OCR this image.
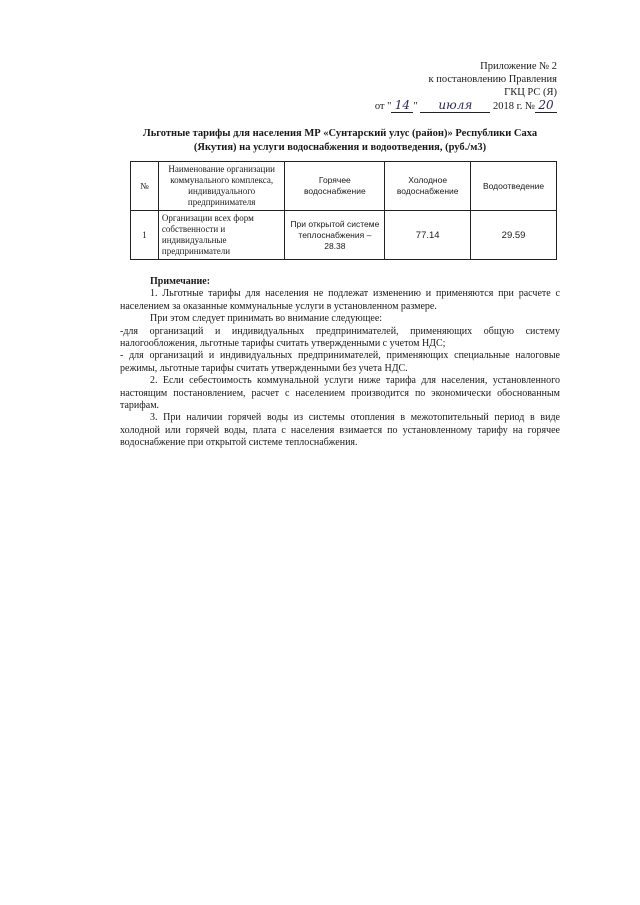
Приложение № 2
к постановлению Правления
ГКЦ РС (Я)
от " 14 " июля 2018 г. № 20
Льготные тарифы для населения МР «Сунтарский улус (район)» Республики Саха (Якутия) на услуги водоснабжения и водоотведения, (руб./м3)
№	Наименование организации коммунального комплекса, индивидуального предпринимателя	Горячее водоснабжение	Холодное водоснабжение	Водоотведение
1	Организации всех форм собственности и индивидуальные предприниматели	При открытой системе теплоснабжения – 28.38	77.14	29.59

Примечание:

1. Льготные тарифы для населения не подлежат изменению и применяются при расчете с населением за оказанные коммунальные услуги в установленном размере.

При этом следует принимать во внимание следующее:

-для организаций и индивидуальных предпринимателей, применяющих общую систему налогообложения, льготные тарифы считать утвержденными с учетом НДС;

- для организаций и индивидуальных предпринимателей, применяющих специальные налоговые режимы, льготные тарифы считать утвержденными без учета НДС.

2. Если себестоимость коммунальной услуги ниже тарифа для населения, установленного настоящим постановлением, расчет с населением производится по экономически обоснованным тарифам.

3. При наличии горячей воды из системы отопления в межотопительный период в виде холодной или горячей воды, плата с населения взимается по установленному тарифу на горячее водоснабжение при открытой системе теплоснабжения.
